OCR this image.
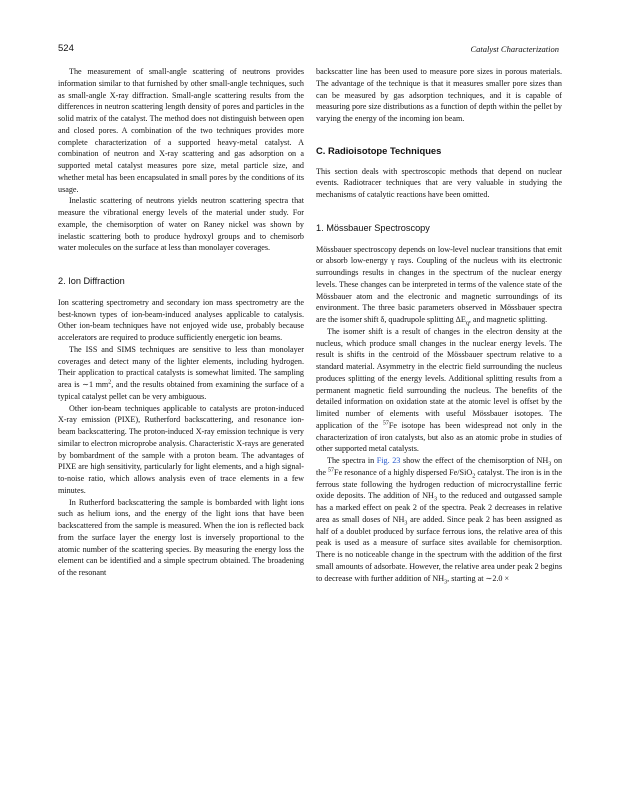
524	Catalyst Characterization

The measurement of small-angle scattering of neutrons provides information similar to that furnished by other small-angle techniques, such as small-angle X-ray diffraction. Small-angle scattering results from the differences in neutron scattering length density of pores and particles in the solid matrix of the catalyst. The method does not distinguish between open and closed pores. A combination of the two techniques provides more complete characterization of a supported heavy-metal catalyst. A combination of neutron and X-ray scattering and gas adsorption on a supported metal catalyst measures pore size, metal particle size, and whether metal has been encapsulated in small pores by the conditions of its usage.

Inelastic scattering of neutrons yields neutron scattering spectra that measure the vibrational energy levels of the material under study. For example, the chemisorption of water on Raney nickel was shown by inelastic scattering both to produce hydroxyl groups and to chemisorb water molecules on the surface at less than monolayer coverages.

2. Ion Diffraction

Ion scattering spectrometry and secondary ion mass spectrometry are the best-known types of ion-beam-induced analyses applicable to catalysis. Other ion-beam techniques have not enjoyed wide use, probably because accelerators are required to produce sufficiently energetic ion beams.

The ISS and SIMS techniques are sensitive to less than monolayer coverages and detect many of the lighter elements, including hydrogen. Their application to practical catalysts is somewhat limited. The sampling area is ∼1 $mm^2$, and the results obtained from examining the surface of a typical catalyst pellet can be very ambiguous.

Other ion-beam techniques applicable to catalysts are proton-induced X-ray emission (PIXE), Rutherford backscattering, and resonance ion-beam backscattering. The proton-induced X-ray emission technique is very similar to electron microprobe analysis. Characteristic X-rays are generated by bombardment of the sample with a proton beam. The advantages of PIXE are high sensitivity, particularly for light elements, and a high signal-to-noise ratio, which allows analysis even of trace elements in a few minutes.

In Rutherford backscattering the sample is bombarded with light ions such as helium ions, and the energy of the light ions that have been backscattered from the sample is measured. When the ion is reflected back from the surface layer the energy lost is inversely proportional to the atomic number of the scattering species. By measuring the energy loss the element can be identified and a simple spectrum obtained. The broadening of the resonant

backscatter line has been used to measure pore sizes in porous materials. The advantage of the technique is that it measures smaller pore sizes than can be measured by gas adsorption techniques, and it is capable of measuring pore size distributions as a function of depth within the pellet by varying the energy of the incoming ion beam.

C. Radioisotope Techniques

This section deals with spectroscopic methods that depend on nuclear events. Radiotracer techniques that are very valuable in studying the mechanisms of catalytic reactions have been omitted.

1. Mössbauer Spectroscopy

Mössbauer spectroscopy depends on low-level nuclear transitions that emit or absorb low-energy γ rays. Coupling of the nucleus with its electronic surroundings results in changes in the spectrum of the nuclear energy levels. These changes can be interpreted in terms of the valence state of the Mössbauer atom and the electronic and magnetic surroundings of its environment. The three basic parameters observed in Mössbauer spectra are the isomer shift δ, quadrupole splitting $\Delta E_q$, and magnetic splitting.

The isomer shift is a result of changes in the electron density at the nucleus, which produce small changes in the nuclear energy levels. The result is shifts in the centroid of the Mössbauer spectrum relative to a standard material. Asymmetry in the electric field surrounding the nucleus produces splitting of the energy levels. Additional splitting results from a permanent magnetic field surrounding the nucleus. The benefits of the detailed information on oxidation state at the atomic level is offset by the limited number of elements with useful Mössbauer isotopes. The application of the $^{57}$Fe isotope has been widespread not only in the characterization of iron catalysts, but also as an atomic probe in studies of other supported metal catalysts.

The spectra in Fig. 23 show the effect of the chemisorption of $NH_3$ on the $^{57}$Fe resonance of a highly dispersed Fe/SiO$_2$ catalyst. The iron is in the ferrous state following the hydrogen reduction of microcrystalline ferric oxide deposits. The addition of $NH_3$ to the reduced and outgassed sample has a marked effect on peak 2 of the spectra. Peak 2 decreases in relative area as small doses of $NH_3$ are added. Since peak 2 has been assigned as half of a doublet produced by surface ferrous ions, the relative area of this peak is used as a measure of surface sites available for chemisorption. There is no noticeable change in the spectrum with the addition of the first small amounts of adsorbate. However, the relative area under peak 2 begins to decrease with further addition of $NH_3$, starting at ∼2.0 ×
